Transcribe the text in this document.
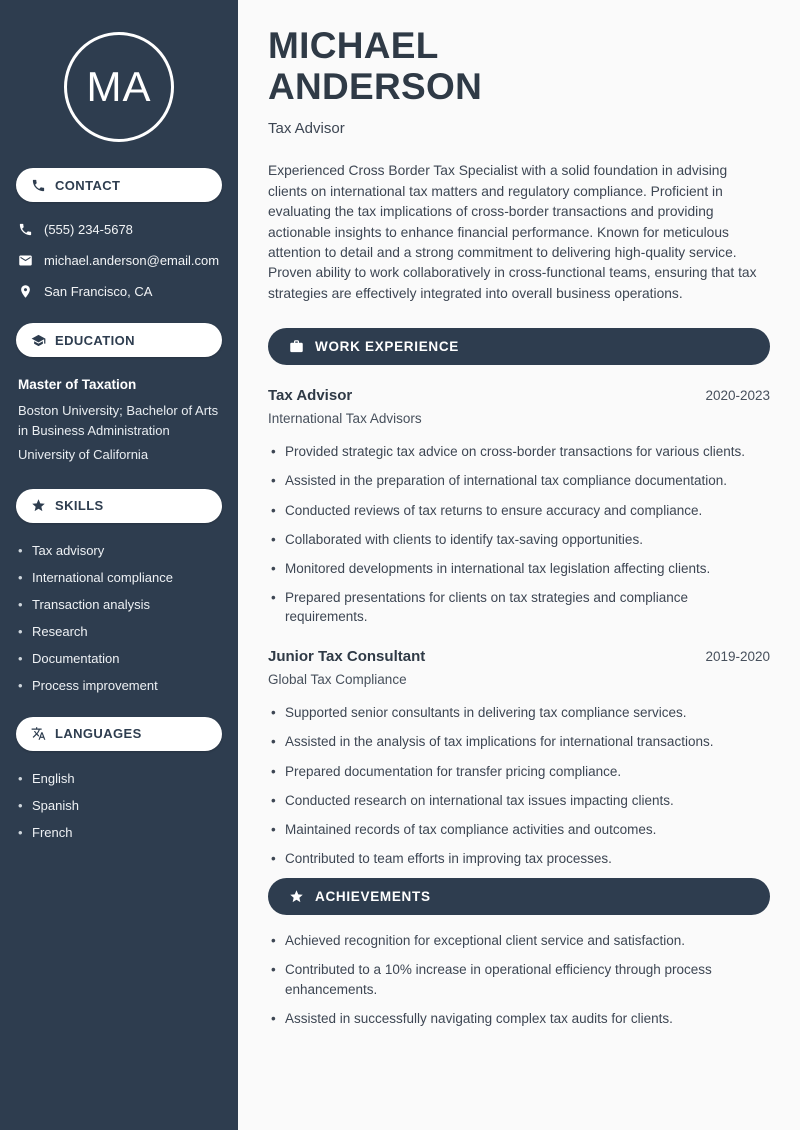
MA
CONTACT
(555) 234-5678
michael.anderson@email.com
San Francisco, CA
EDUCATION
Master of Taxation
Boston University; Bachelor of Arts in Business Administration
University of California
SKILLS
• Tax advisory
• International compliance
• Transaction analysis
• Research
• Documentation
• Process improvement
LANGUAGES
• English
• Spanish
• French
MICHAEL
ANDERSON
Tax Advisor

Experienced Cross Border Tax Specialist with a solid foundation in advising clients on international tax matters and regulatory compliance. Proficient in evaluating the tax implications of cross-border transactions and providing actionable insights to enhance financial performance. Known for meticulous attention to detail and a strong commitment to delivering high-quality service. Proven ability to work collaboratively in cross-functional teams, ensuring that tax strategies are effectively integrated into overall business operations.

WORK EXPERIENCE
Tax Advisor	2020-2023
International Tax Advisors
• Provided strategic tax advice on cross-border transactions for various clients.
• Assisted in the preparation of international tax compliance documentation.
• Conducted reviews of tax returns to ensure accuracy and compliance.
• Collaborated with clients to identify tax-saving opportunities.
• Monitored developments in international tax legislation affecting clients.
• Prepared presentations for clients on tax strategies and compliance requirements.
Junior Tax Consultant	2019-2020
Global Tax Compliance
• Supported senior consultants in delivering tax compliance services.
• Assisted in the analysis of tax implications for international transactions.
• Prepared documentation for transfer pricing compliance.
• Conducted research on international tax issues impacting clients.
• Maintained records of tax compliance activities and outcomes.
• Contributed to team efforts in improving tax processes.
ACHIEVEMENTS
• Achieved recognition for exceptional client service and satisfaction.
• Contributed to a 10% increase in operational efficiency through process enhancements.
• Assisted in successfully navigating complex tax audits for clients.
